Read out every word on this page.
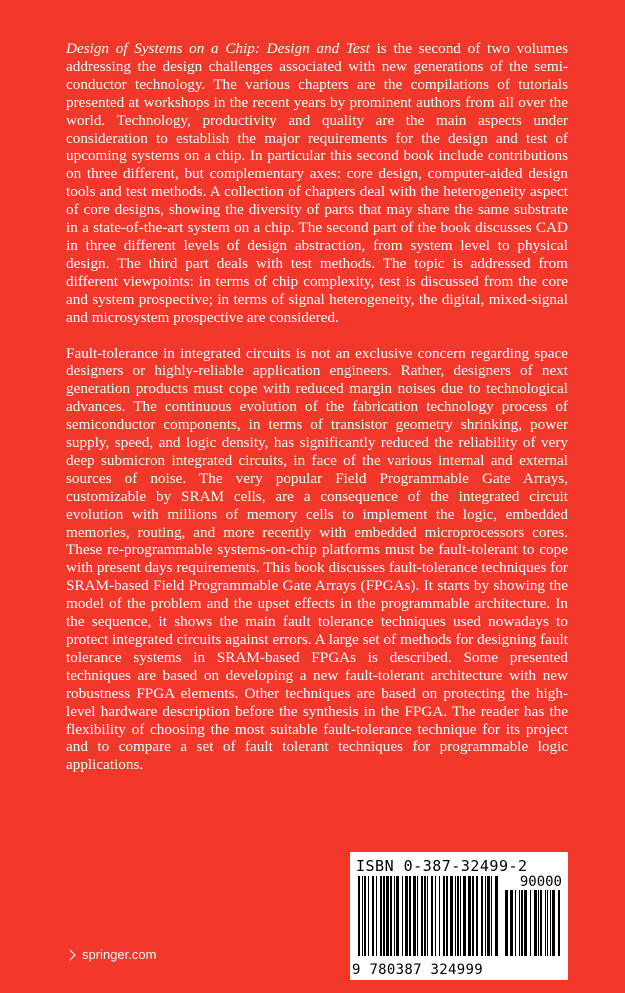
Design of Systems on a Chip: Design and Test is the second of two volumes addressing the design challenges associated with new generations of the semiconductor technology. The various chapters are the compilations of tutorials presented at workshops in the recent years by prominent authors from all over the world. Technology, productivity and quality are the main aspects under consideration to establish the major requirements for the design and test of upcoming systems on a chip. In particular this second book include contributions on three different, but complementary axes: core design, computer-aided design tools and test methods. A collection of chapters deal with the heterogeneity aspect of core designs, showing the diversity of parts that may share the same substrate in a state-of-the-art system on a chip. The second part of the book discusses CAD in three different levels of design abstraction, from system level to physical design. The third part deals with test methods. The topic is addressed from different viewpoints: in terms of chip complexity, test is discussed from the core and system prospective; in terms of signal heterogeneity, the digital, mixed-signal and microsystem prospective are considered.

Fault-tolerance in integrated circuits is not an exclusive concern regarding space designers or highly-reliable application engineers. Rather, designers of next generation products must cope with reduced margin noises due to technological advances. The continuous evolution of the fabrication technology process of semiconductor components, in terms of transistor geometry shrinking, power supply, speed, and logic density, has significantly reduced the reliability of very deep submicron integrated circuits, in face of the various internal and external sources of noise. The very popular Field Programmable Gate Arrays, customizable by SRAM cells, are a consequence of the integrated circuit evolution with millions of memory cells to implement the logic, embedded memories, routing, and more recently with embedded microprocessors cores. These re-programmable systems-on-chip platforms must be fault-tolerant to cope with present days requirements. This book discusses fault-tolerance techniques for SRAM-based Field Programmable Gate Arrays (FPGAs). It starts by showing the model of the problem and the upset effects in the programmable architecture. In the sequence, it shows the main fault tolerance techniques used nowadays to protect integrated circuits against errors. A large set of methods for designing fault tolerance systems in SRAM-based FPGAs is described. Some presented techniques are based on developing a new fault-tolerant architecture with new robustness FPGA elements. Other techniques are based on protecting the high-level hardware description before the synthesis in the FPGA. The reader has the flexibility of choosing the most suitable fault-tolerance technique for its project and to compare a set of fault tolerant techniques for programmable logic applications.

ISBN 0-387-32499-2
90000
9 780387 324999
springer.com
